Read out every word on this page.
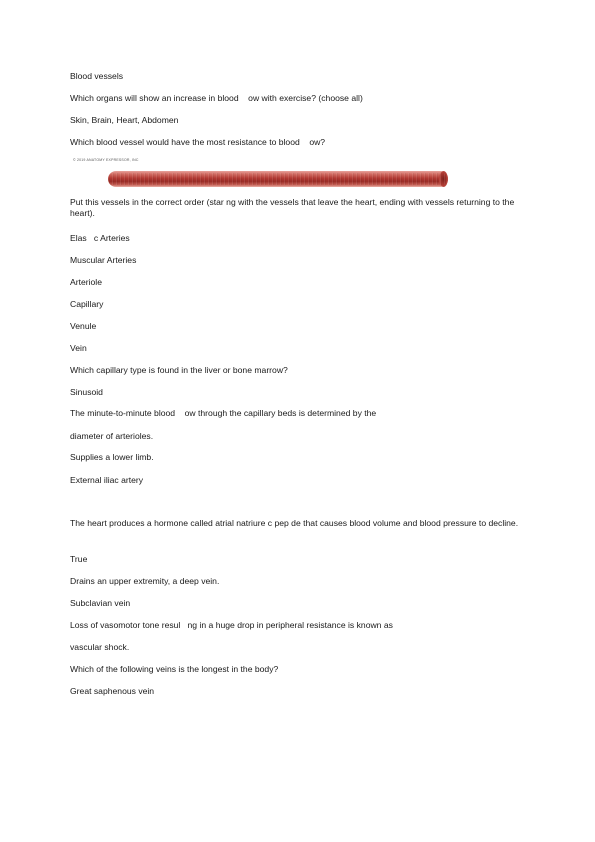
Blood vessels

Which organs will show an increase in blood    ow with exercise? (choose all)

Skin, Brain, Heart, Abdomen

Which blood vessel would have the most resistance to blood    ow?

© 2019 ANATOMY EXPRESSOR, INC

Put this vessels in the correct order (star ng with the vessels that leave the heart, ending with vessels returning to the heart).

Elas   c Arteries

Muscular Arteries

Arteriole

Capillary

Venule

Vein

Which capillary type is found in the liver or bone marrow?

Sinusoid

The minute-to-minute blood    ow through the capillary beds is determined by the

diameter of arterioles.

Supplies a lower limb.

External iliac artery

The heart produces a hormone called atrial natriure c pep de that causes blood volume and blood pressure to decline.

True

Drains an upper extremity, a deep vein.

Subclavian vein

Loss of vasomotor tone resul   ng in a huge drop in peripheral resistance is known as

vascular shock.

Which of the following veins is the longest in the body?

Great saphenous vein
